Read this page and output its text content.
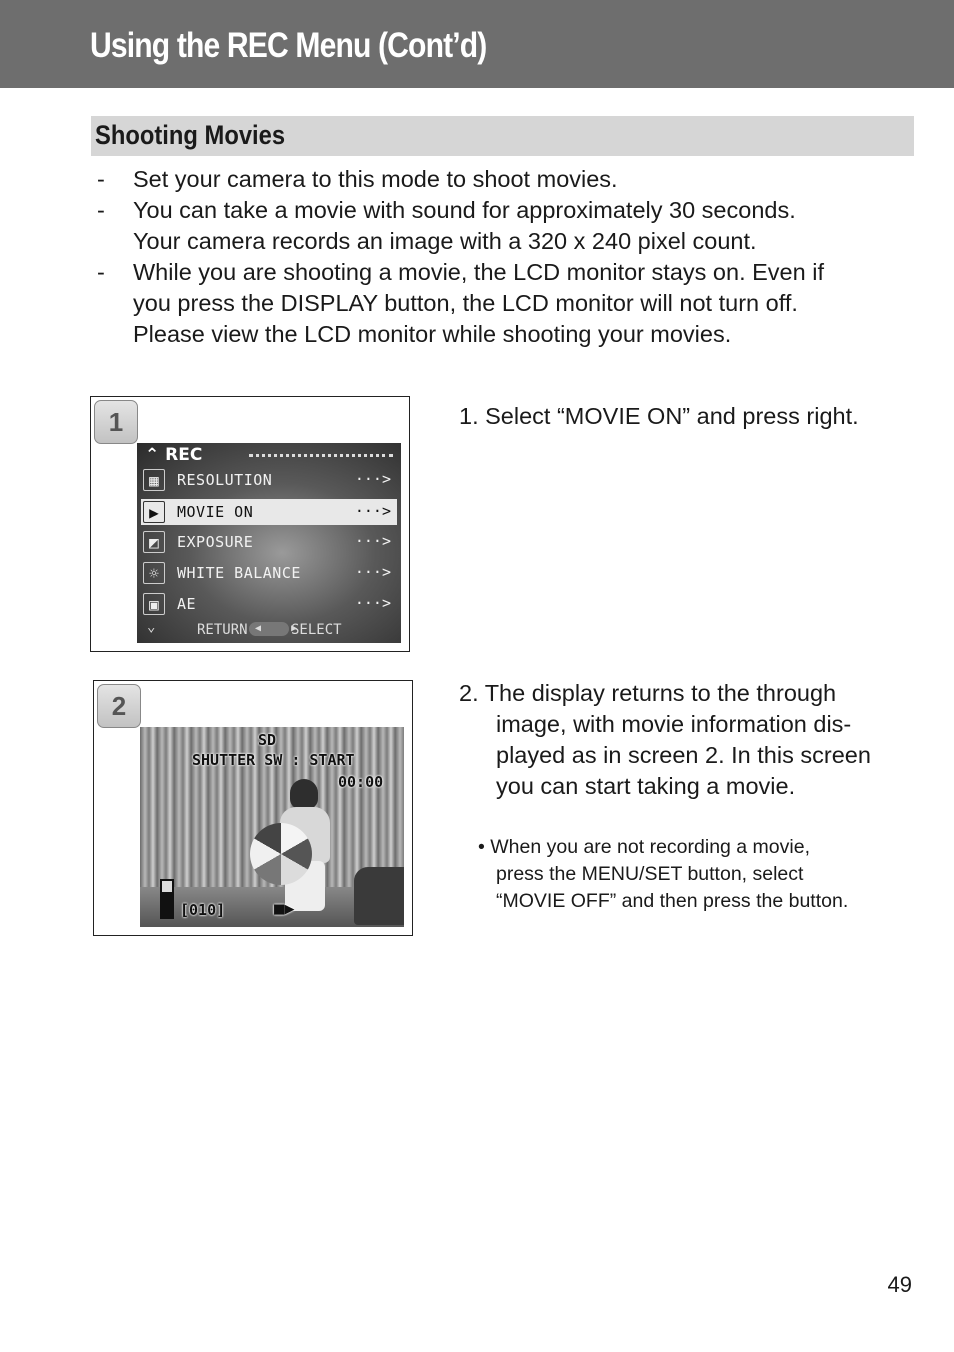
Using the REC Menu (Cont’d)
Shooting Movies
- Set your camera to this mode to shoot movies.
- You can take a movie with sound for approximately 30 seconds.
Your camera records an image with a 320 x 240 pixel count.
- While you are shooting a movie, the LCD monitor stays on. Even if
you press the DISPLAY button, the LCD monitor will not turn off.
Please view the LCD monitor while shooting your movies.
1
⌃ REC
▦	RESOLUTION	···>
▶	MOVIE ON	···>
◩	EXPOSURE	···>
☼	WHITE BALANCE	···>
▣	AE	···>
⌄	RETURN ◀     ▶
SELECT
2
SD
SHUTTER SW : START
00:00
[010]	■▶
1. Select “MOVIE ON” and press right.
2. The display returns to the through
image, with movie information dis-
played as in screen 2. In this screen
you can start taking a movie.
• When you are not recording a movie,
press the MENU/SET button, select
“MOVIE OFF” and then press the button.
49
